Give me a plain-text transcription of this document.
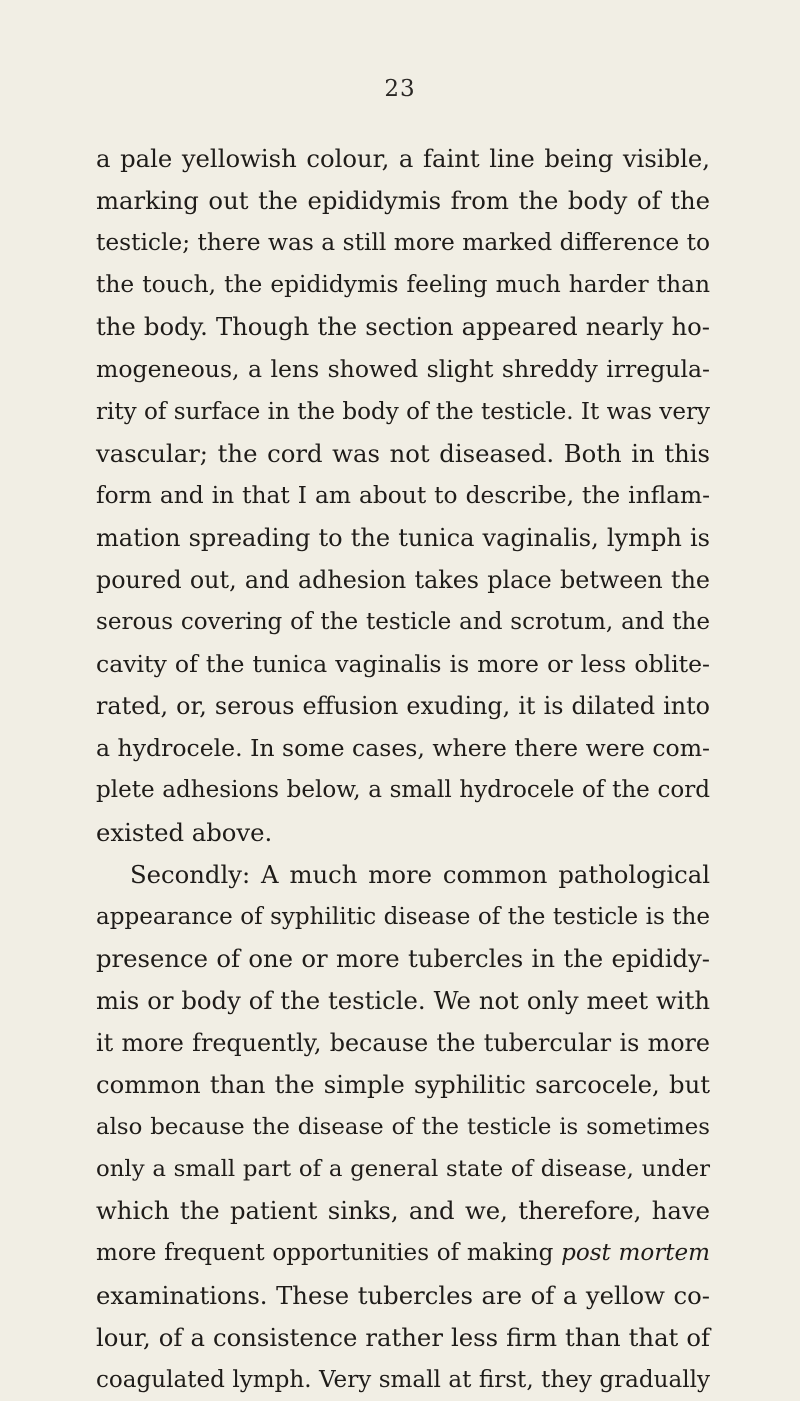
23
a pale yellowish colour, a faint line being visible,
marking out the epididymis from the body of the
testicle; there was a still more marked difference to
the touch, the epididymis feeling much harder than
the body. Though the section appeared nearly ho-
mogeneous, a lens showed slight shreddy irregula-
rity of surface in the body of the testicle. It was very
vascular; the cord was not diseased. Both in this
form and in that I am about to describe, the inflam-
mation spreading to the tunica vaginalis, lymph is
poured out, and adhesion takes place between the
serous covering of the testicle and scrotum, and the
cavity of the tunica vaginalis is more or less oblite-
rated, or, serous effusion exuding, it is dilated into
a hydrocele. In some cases, where there were com-
plete adhesions below, a small hydrocele of the cord
existed above.
Secondly: A much more common pathological
appearance of syphilitic disease of the testicle is the
presence of one or more tubercles in the epididy-
mis or body of the testicle. We not only meet with
it more frequently, because the tubercular is more
common than the simple syphilitic sarcocele, but
also because the disease of the testicle is sometimes
only a small part of a general state of disease, under
which the patient sinks, and we, therefore, have
more frequent opportunities of making post mortem
examinations. These tubercles are of a yellow co-
lour, of a consistence rather less firm than that of
coagulated lymph. Very small at first, they gradually
